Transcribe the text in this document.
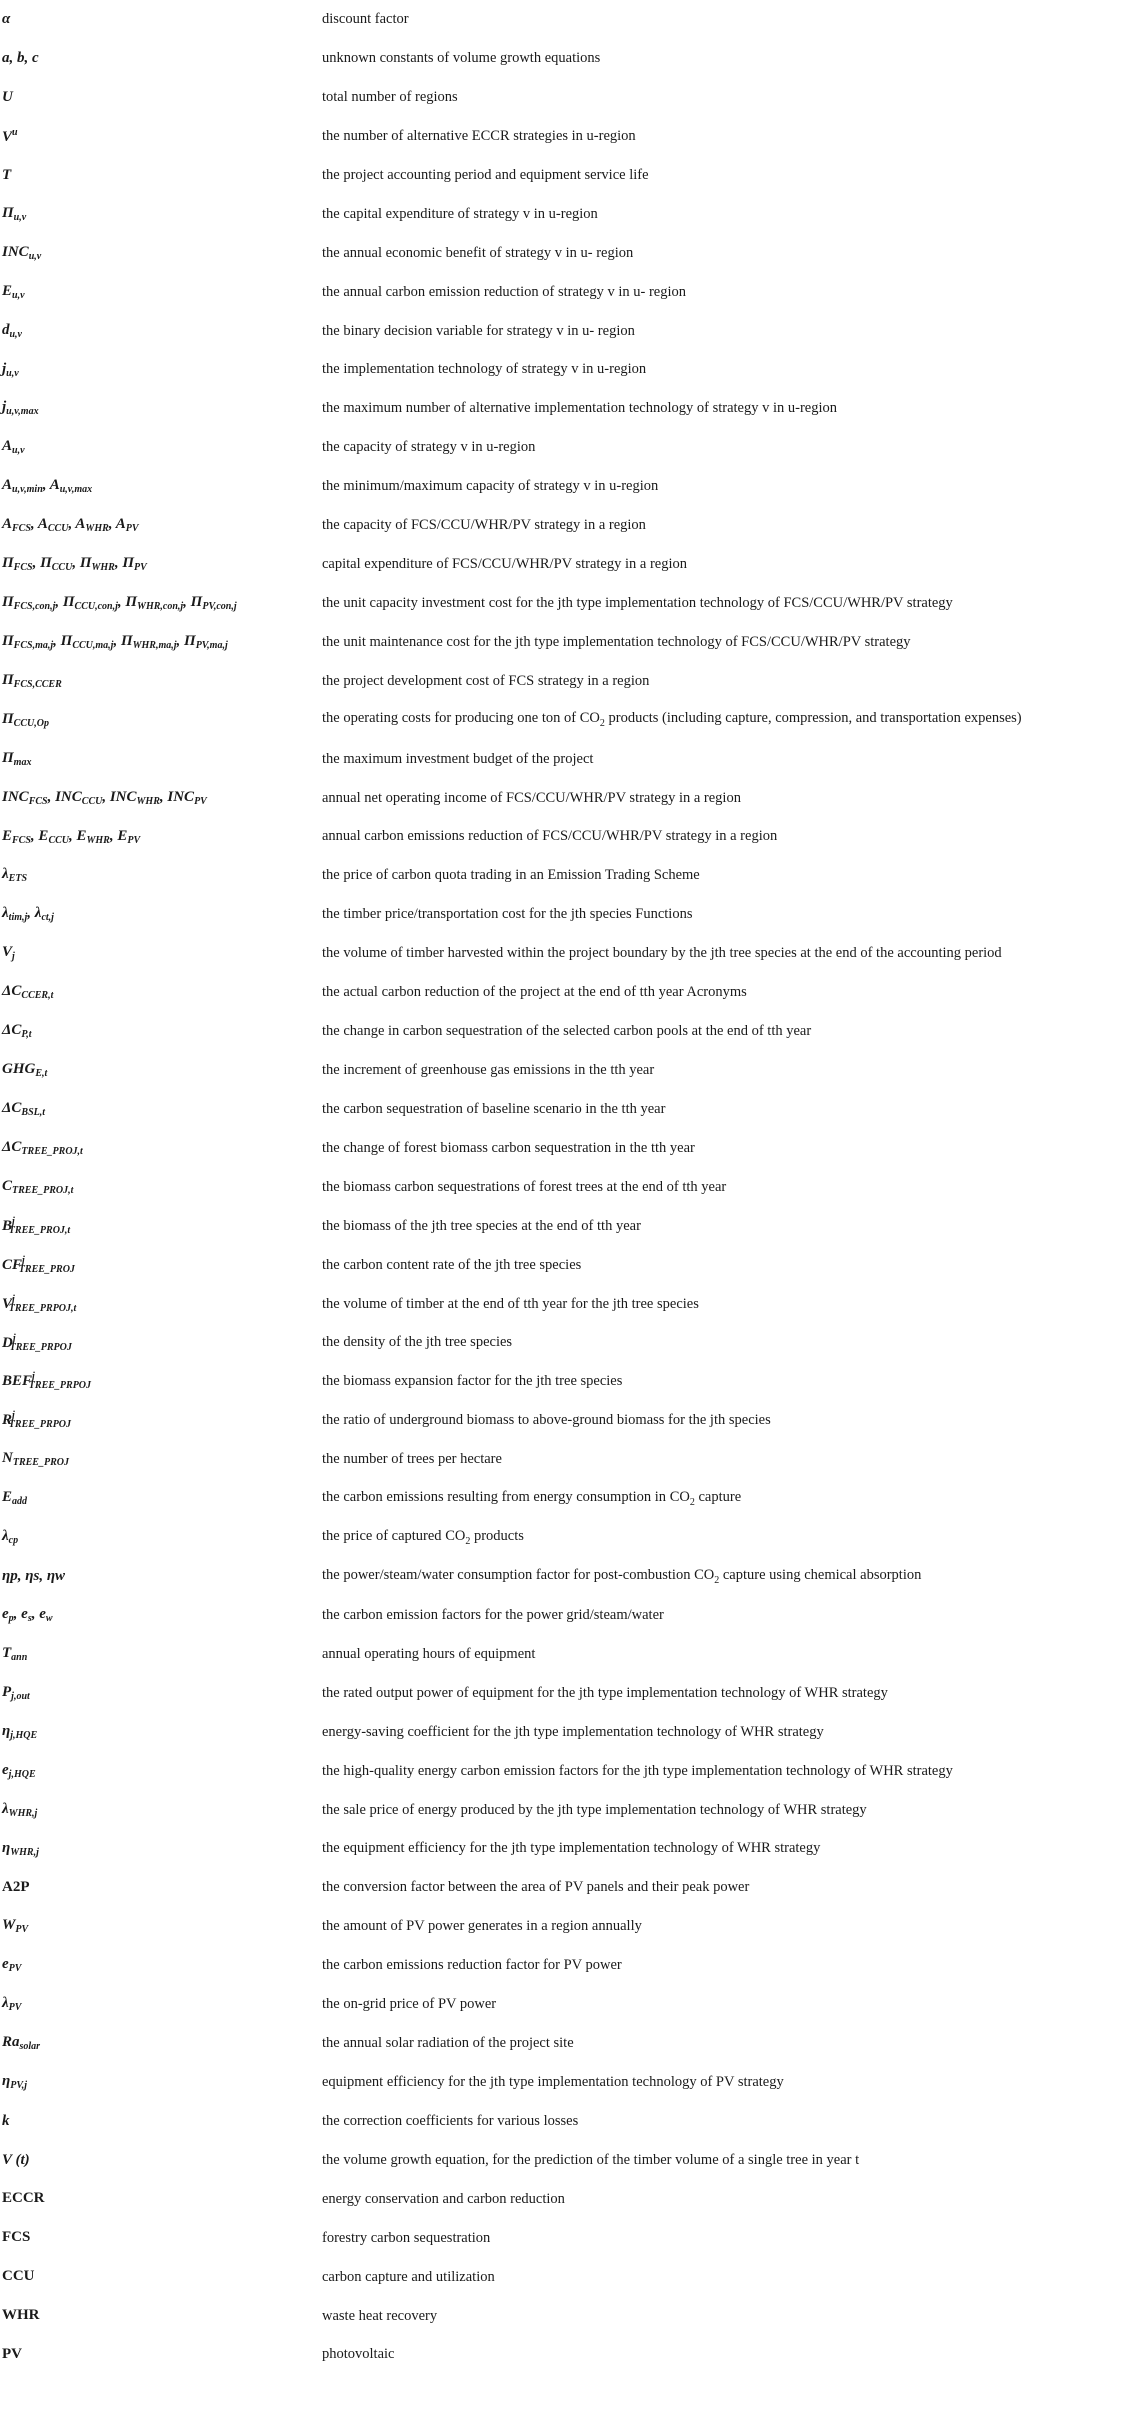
α	discount factor
a, b, c	unknown constants of volume growth equations
U	total number of regions
$V^u$	the number of alternative ECCR strategies in u-region
T	the project accounting period and equipment service life
$\Pi_{u,v}$	the capital expenditure of strategy v in u-region
$INC_{u,v}$	the annual economic benefit of strategy v in u- region
$E_{u,v}$	the annual carbon emission reduction of strategy v in u- region
$d_{u,v}$	the binary decision variable for strategy v in u- region
$j_{u,v}$	the implementation technology of strategy v in u-region
$j_{u,v,max}$	the maximum number of alternative implementation technology of strategy v in u-region
$A_{u,v}$	the capacity of strategy v in u-region
$A_{u,v,min}$, $A_{u,v,max}$	the minimum/maximum capacity of strategy v in u-region
$A_{FCS}$, $A_{CCU}$, $A_{WHR}$, $A_{PV}$	the capacity of FCS/CCU/WHR/PV strategy in a region
$\Pi_{FCS}$, $\Pi_{CCU}$, $\Pi_{WHR}$, $\Pi_{PV}$	capital expenditure of FCS/CCU/WHR/PV strategy in a region
$\Pi_{FCS,con,j}$, $\Pi_{CCU,con,j}$, $\Pi_{WHR,con,j}$, $\Pi_{PV,con,j}$	the unit capacity investment cost for the jth type implementation technology of FCS/CCU/WHR/PV strategy
$\Pi_{FCS,ma,j}$, $\Pi_{CCU,ma,j}$, $\Pi_{WHR,ma,j}$, $\Pi_{PV,ma,j}$	the unit maintenance cost for the jth type implementation technology of FCS/CCU/WHR/PV strategy
$\Pi_{FCS,CCER}$	the project development cost of FCS strategy in a region
$\Pi_{CCU,Op}$	the operating costs for producing one ton of $CO_2$ products (including capture, compression, and transportation expenses)
$\Pi_{max}$	the maximum investment budget of the project
$INC_{FCS}$, $INC_{CCU}$, $INC_{WHR}$, $INC_{PV}$	annual net operating income of FCS/CCU/WHR/PV strategy in a region
$E_{FCS}$, $E_{CCU}$, $E_{WHR}$, $E_{PV}$	annual carbon emissions reduction of FCS/CCU/WHR/PV strategy in a region
$\lambda_{ETS}$	the price of carbon quota trading in an Emission Trading Scheme
$\lambda_{tim,j}$, $\lambda_{ct,j}$	the timber price/transportation cost for the jth species Functions
$V_j$	the volume of timber harvested within the project boundary by the jth tree species at the end of the accounting period
$\Delta C_{CCER,t}$	the actual carbon reduction of the project at the end of tth year Acronyms
$\Delta C_{P,t}$	the change in carbon sequestration of the selected carbon pools at the end of tth year
$GHG_{E,t}$	the increment of greenhouse gas emissions in the tth year
$\Delta C_{BSL,t}$	the carbon sequestration of baseline scenario in the tth year
$\Delta C_{TREE\_PROJ,t}$	the change of forest biomass carbon sequestration in the tth year
$C_{TREE\_PROJ,t}$	the biomass carbon sequestrations of forest trees at the end of tth year
$B^j_{TREE\_PROJ,t}$	the biomass of the jth tree species at the end of tth year
$CF^j_{TREE\_PROJ}$	the carbon content rate of the jth tree species
$V^j_{TREE\_PRPOJ,t}$	the volume of timber at the end of tth year for the jth tree species
$D^j_{TREE\_PRPOJ}$	the density of the jth tree species
$BEF^j_{TREE\_PRPOJ}$	the biomass expansion factor for the jth tree species
$R^j_{TREE\_PRPOJ}$	the ratio of underground biomass to above-ground biomass for the jth species
$N_{TREE\_PROJ}$	the number of trees per hectare
$E_{add}$	the carbon emissions resulting from energy consumption in $CO_2$ capture
$\lambda_{cp}$	the price of captured $CO_2$ products
ηp, ηs, ηw	the power/steam/water consumption factor for post-combustion $CO_2$ capture using chemical absorption
$e_p$, $e_s$, $e_w$	the carbon emission factors for the power grid/steam/water
$T_{ann}$	annual operating hours of equipment
$P_{j,out}$	the rated output power of equipment for the jth type implementation technology of WHR strategy
$\eta_{j,HQE}$	energy-saving coefficient for the jth type implementation technology of WHR strategy
$e_{j,HQE}$	the high-quality energy carbon emission factors for the jth type implementation technology of WHR strategy
$\lambda_{WHR,j}$	the sale price of energy produced by the jth type implementation technology of WHR strategy
$\eta_{WHR,j}$	the equipment efficiency for the jth type implementation technology of WHR strategy
A2P	the conversion factor between the area of PV panels and their peak power
$W_{PV}$	the amount of PV power generates in a region annually
$e_{PV}$	the carbon emissions reduction factor for PV power
$\lambda_{PV}$	the on-grid price of PV power
$Ra_{solar}$	the annual solar radiation of the project site
$\eta_{PV,j}$	equipment efficiency for the jth type implementation technology of PV strategy
k	the correction coefficients for various losses
V (t)	the volume growth equation, for the prediction of the timber volume of a single tree in year t
ECCR	energy conservation and carbon reduction
FCS	forestry carbon sequestration
CCU	carbon capture and utilization
WHR	waste heat recovery
PV	photovoltaic
